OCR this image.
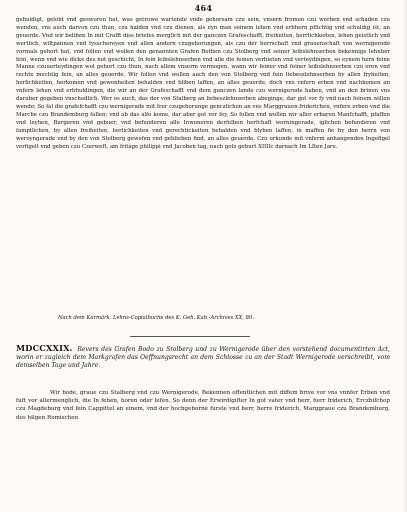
464
gehuldigt, gelobt vnd gesworen hat, was getruwe wartende vnde gehorsam czu sein, vnsern fromen czu werben vnd schaden czu wenden, vns auch darvon czu thun, czu halden vnd czu dienen, als eyn man seinem lehen vnd erbhern pflichtig vnd schuldig ist, an geuerde. Vnd wir belihen In mit Crafft diss briefes merglich mit der ganczen Grafeschafft, freiheiten, herrlichkeiten, lehen geistlich vnd wertlich, wiltpannen vnd fysschereyen vnd allen andern czugehorungen, als czu der herrschaft vnd grauenschaft von wernigerode vormals gehort hat, vnd follen vnd wollen den genannten Grafen Bothen czu Stolberg vnd seiner leibslehnserben bekennige lehnher fein, wenn vnd wie dicke des not geschicht, In fein leibslehnserben vnd alle die feinen verbieten vnd verteydingen, so eynem hern feine Manne czuuerteydingen wol gehort czu thun, nach allem vnserm vermogen, wann wir feiner vnd feiner leibslehnserben czu eren vnd rechte mechtig fein, an alles geuerde. Wir follen vnd wollen auch den von Stolberg vnd fein liebeszlehnserben by allen fryheiten, herlichkeiten, herkomen vnd gewonheiten behalden vnd bliben laffen, an alles geuerde, doch vns vnfern erben vnd nachkomen an vnfern lehen vnd erbhuldingen, die wir an der Grafeschafft vnd dem ganczen lande czu wernigerode haben, vnd an den brinen vns daruber gegeben vnschedlich. Wer es auch, das der von Stalberg an liebeszlehnserben abeginge, dar got vor fy vnd nach feinem willen wende; So fal die grafefchafft czu wernigerade mit Irer czugehorunge genczlichen an vns Marggrauen friderichen, vnfere erben vnd die Marche czu Brandemburg fallen: vnd ab das alfo kome, dar aber got vor fey, So follen vnd wollen wir aller erbaren Manfchafft, pfaffen vnd leyhen, Burgeren vnd gebuer, vnd befunderen alle Inwoneren derfelben herfchaft werningerade, iglichen befunderen vnd famptlichen, by allen freiheiten, herlichkeiten vnd gerechtickeiten behalden vnd blyben laffen, in maffen fie by den herrn von weroyngerade vnd by den von Stolberg gewefen vnd geblieben find, an alles geuerde. Czu orkunde mit vnferm anhangenden Ingefigel verfigelt vnd geben czu Czerweft, am fritage philippi vnd Jacoben tag, nach gots geburt XIIIIc darnach Im LIten Jare.
Nach dem Kurmärk. Lehns-Copialbuche des K. Geh. Kab.-Archives XX, 80.
MDCCXXIX. Revers des Grafen Bodo zu Stolberg und zu Wernigerode über den vorstehend documentirten Act, worin er zugleich dem Markgrafen das Oeffnungsrecht an dem Schlosse zu an der Stadt Wernigerode verschreibt, vom demselben Tage und Jahre.
Wir bode, graue czu Stalberg vnd czu Wernigerode, Bekennen offentlichen mit diffem brive vor vns vnnfer Erben vnd fuft vor allermenglich, die In fehen, horen oder lefen. So denn der Erwirdigifter In got vater vnd herr, herr friderich, Erczbifchop czu Magdeburg vnd fein Cappittel an einem, vnd der hochgeborne furste vnd herr, herre friderich, Marggraue czu Brandemburg, des hilgen Romischen
